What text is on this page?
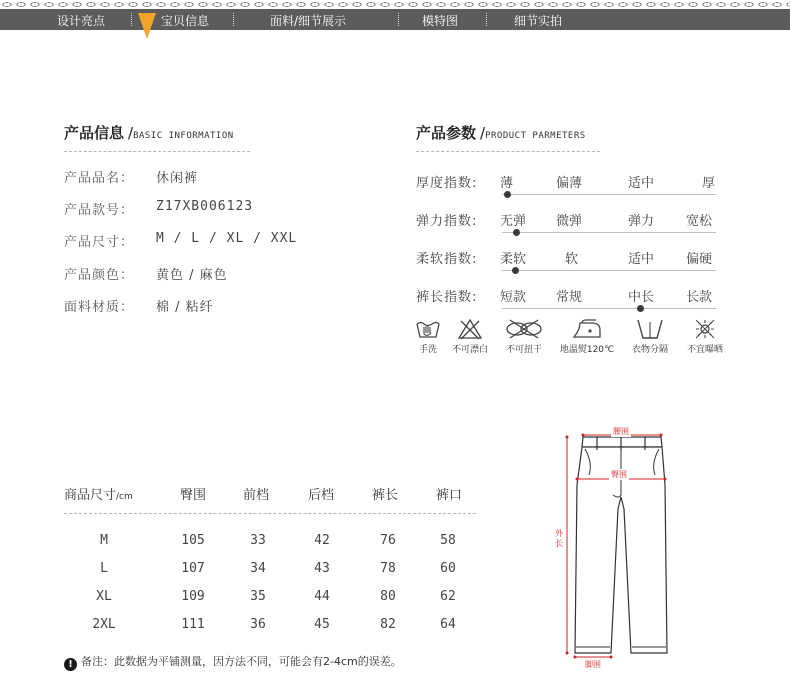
设计亮点	宝贝信息	面料/细节展示	模特图	细节实拍
产品信息 /BASIC INFORMATION
产品品名： 休闲裤
产品款号： Z17XB006123
产品尺寸： M / L / XL / XXL
产品颜色： 黄色 / 麻色
面料材质： 棉 / 粘纤
产品参数 /PRODUCT PARMETERS
厚度指数: 薄	偏薄	适中	厚
弹力指数: 无弹 微弹	弹力 宽松
柔软指数: 柔软	软	适中 偏硬
裤长指数: 短款 常规	中长 长款
手洗	不可漂白	不可扭干	地温熨120℃	衣物分隔	不宜曝晒
商品尺寸/cm	臀围	前档	后档	裤长	裤口
M	105	33	42	76	58
L	107	34	43	78	60
XL	109	35	44	80	62
2XL	111	36	45	82	64
! 备注：此数据为平铺测量，因方法不同，可能会有2-4cm的误差。
腰围
臀围
外长
脚围
